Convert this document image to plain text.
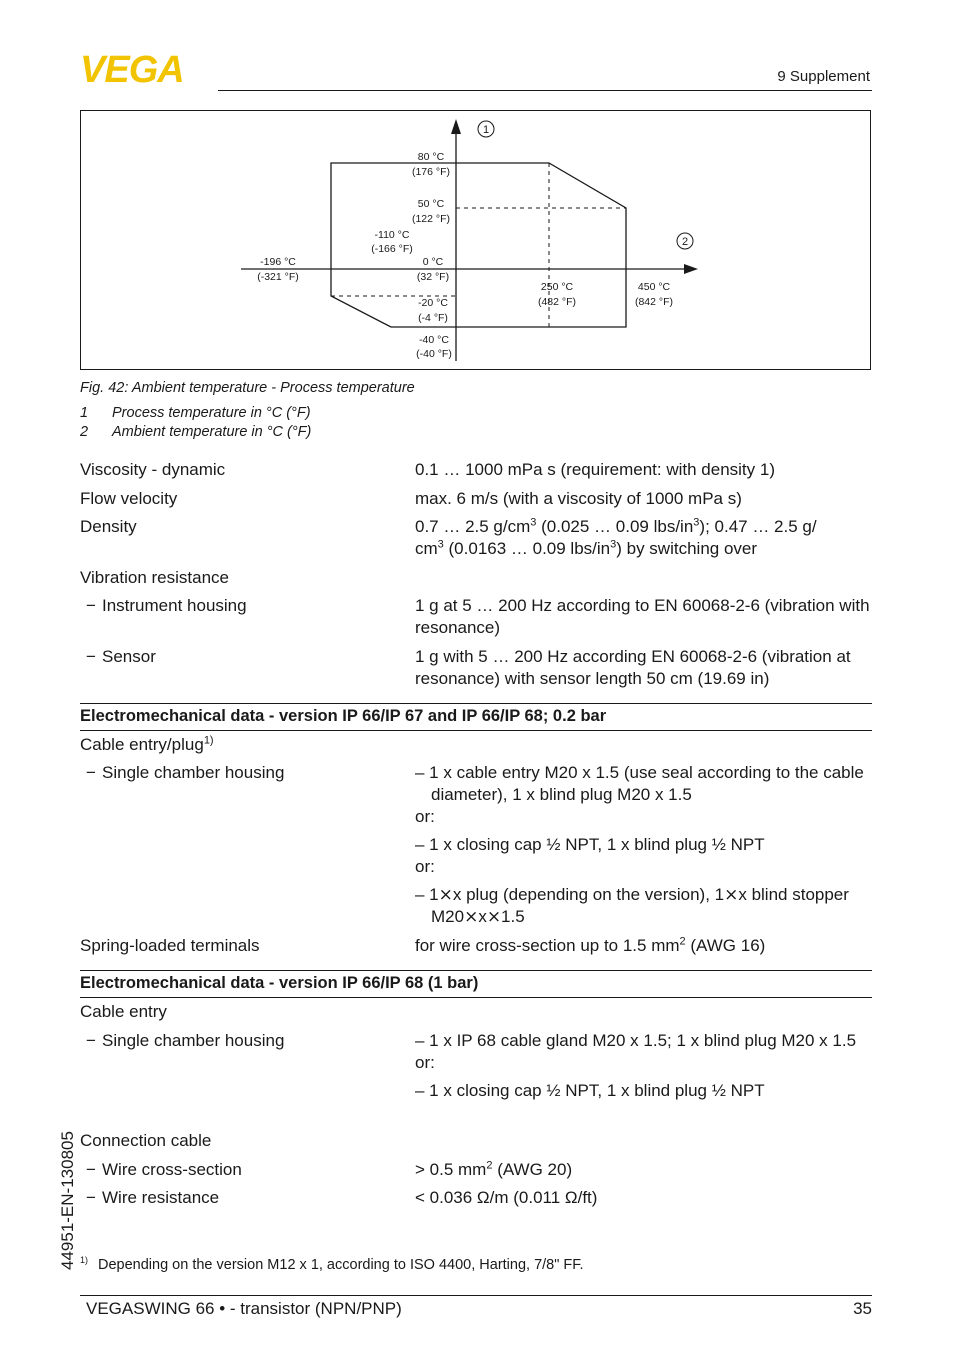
VEGA	9 Supplement
1
2
80 °C
(176 °F)
50 °C
(122 °F)
-110 °C
(-166 °F)
0 °C
(32 °F)
-196 °C
(-321 °F)
-20 °C
(-4 °F)
-40 °C
(-40 °F)
250 °C
(482 °F)
450 °C
(842 °F)
Fig. 42: Ambient temperature - Process temperature
1 Process temperature in °C (°F)
2 Ambient temperature in °C (°F)
Viscosity - dynamic	0.1 … 1000 mPa s (requirement: with density 1)
Flow velocity	max. 6 m/s (with a viscosity of 1000 mPa s)
Density	0.7 … 2.5 $g/cm^3$ (0.025 … 0.09 lbs/$in^3$); 0.47 … 2.5 g/
$cm^3$ (0.0163 … 0.09 lbs/$in^3$) by switching over
Vibration resistance
− Instrument housing	1 g at 5 … 200 Hz according to EN 60068-2-6 (vibration with resonance)
− Sensor	1 g with 5 … 200 Hz according EN 60068-2-6 (vibration at resonance) with sensor length 50 cm (19.69 in)
Electromechanical data - version IP 66/IP 67 and IP 66/IP 68; 0.2 bar
Cable entry/plug$^{1)}$
− Single chamber housing	– 1 x cable entry M20 x 1.5 (use seal according to the cable diameter), 1 x blind plug M20 x 1.5
or:
– 1 x closing cap ½ NPT, 1 x blind plug ½ NPT
or:
– 1⨯x plug (depending on the version), 1⨯x blind stopper M20⨯x⨯1.5
Spring-loaded terminals	for wire cross-section up to 1.5 $mm^2$ (AWG 16)
Electromechanical data - version IP 66/IP 68 (1 bar)
Cable entry
− Single chamber housing	– 1 x IP 68 cable gland M20 x 1.5; 1 x blind plug M20 x 1.5
or:
– 1 x closing cap ½ NPT, 1 x blind plug ½ NPT
Connection cable
− Wire cross-section	> 0.5 $mm^2$ (AWG 20)
− Wire resistance	< 0.036 Ω/m (0.011 Ω/ft)
$^{1)}$ Depending on the version M12 x 1, according to ISO 4400, Harting, 7/8" FF.
44951-EN-130805
VEGASWING 66 • - transistor (NPN/PNP)	35
